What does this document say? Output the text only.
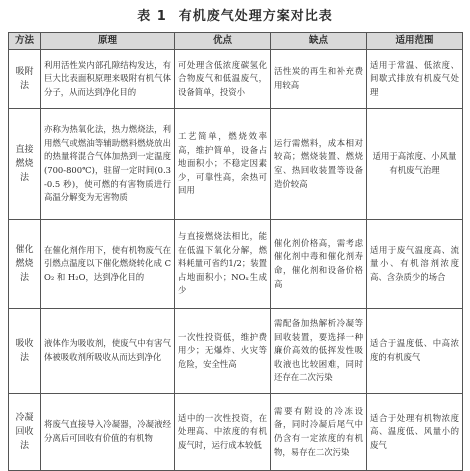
表 1 有机废气处理方案对比表
方法	原理	优点	缺点	适用范围
吸附法	利用活性炭内部孔隙结构发达，有巨大比表面积原理来吸附有机气体分子，从而达到净化目的	可处理含低浓度碳氢化合物废气和低温废气，设备简单，投资小	活性炭的再生和补充费用较高	适用于常温、低浓度、间歇式排放有机废气处理
直接燃烧法	亦称为热氧化法，热力燃烧法，利用燃气或燃油等辅助燃料燃烧放出的热量将混合气体加热到一定温度(700-800℃)，驻留一定时间(0.3-0.5 秒)，使可燃的有害物质进行高温分解变为无害物质	工艺简单，燃烧效率高，维护简单，设备占地面积小；不稳定因素少，可靠性高，余热可回用	运行需燃料，成本相对较高；燃烧装置、燃烧室、热回收装置等设备造价较高	适用于高浓度、小风量有机废气治理
催化燃烧法	在催化剂作用下，使有机物废气在引燃点温度以下催化燃烧转化成 CO₂ 和 H₂O，达到净化目的	与直接燃烧法相比，能在低温下氧化分解，燃料耗量可省约1/2；装置占地面积小；NOₓ生成少	催化剂价格高，需考虑催化剂中毒和催化剂寿命，催化剂和设备价格高	适用于废气温度高、流量小、有机溶剂浓度高、含杂质少的场合
吸收法	液体作为吸收剂，使废气中有害气体被吸收剂所吸收从而达到净化	一次性投资低，维护费用少；无爆炸、火灾等危险，安全性高	需配备加热解析冷凝等回收装置，要选择一种廉价高效的低挥发性吸收液也比较困难，同时还存在二次污染	适合于温度低、中高浓度的有机废气
冷凝回收法	将废气直接导入冷凝器，冷凝液经分离后可回收有价值的有机物	适中的一次性投资，在处理高、中浓度的有机废气时，运行成本较低	需要有附设的冷冻设备，同时冷凝后尾气中仍含有一定浓度的有机物，易存在二次污染	适合于处理有机物浓度高、温度低、风量小的废气
